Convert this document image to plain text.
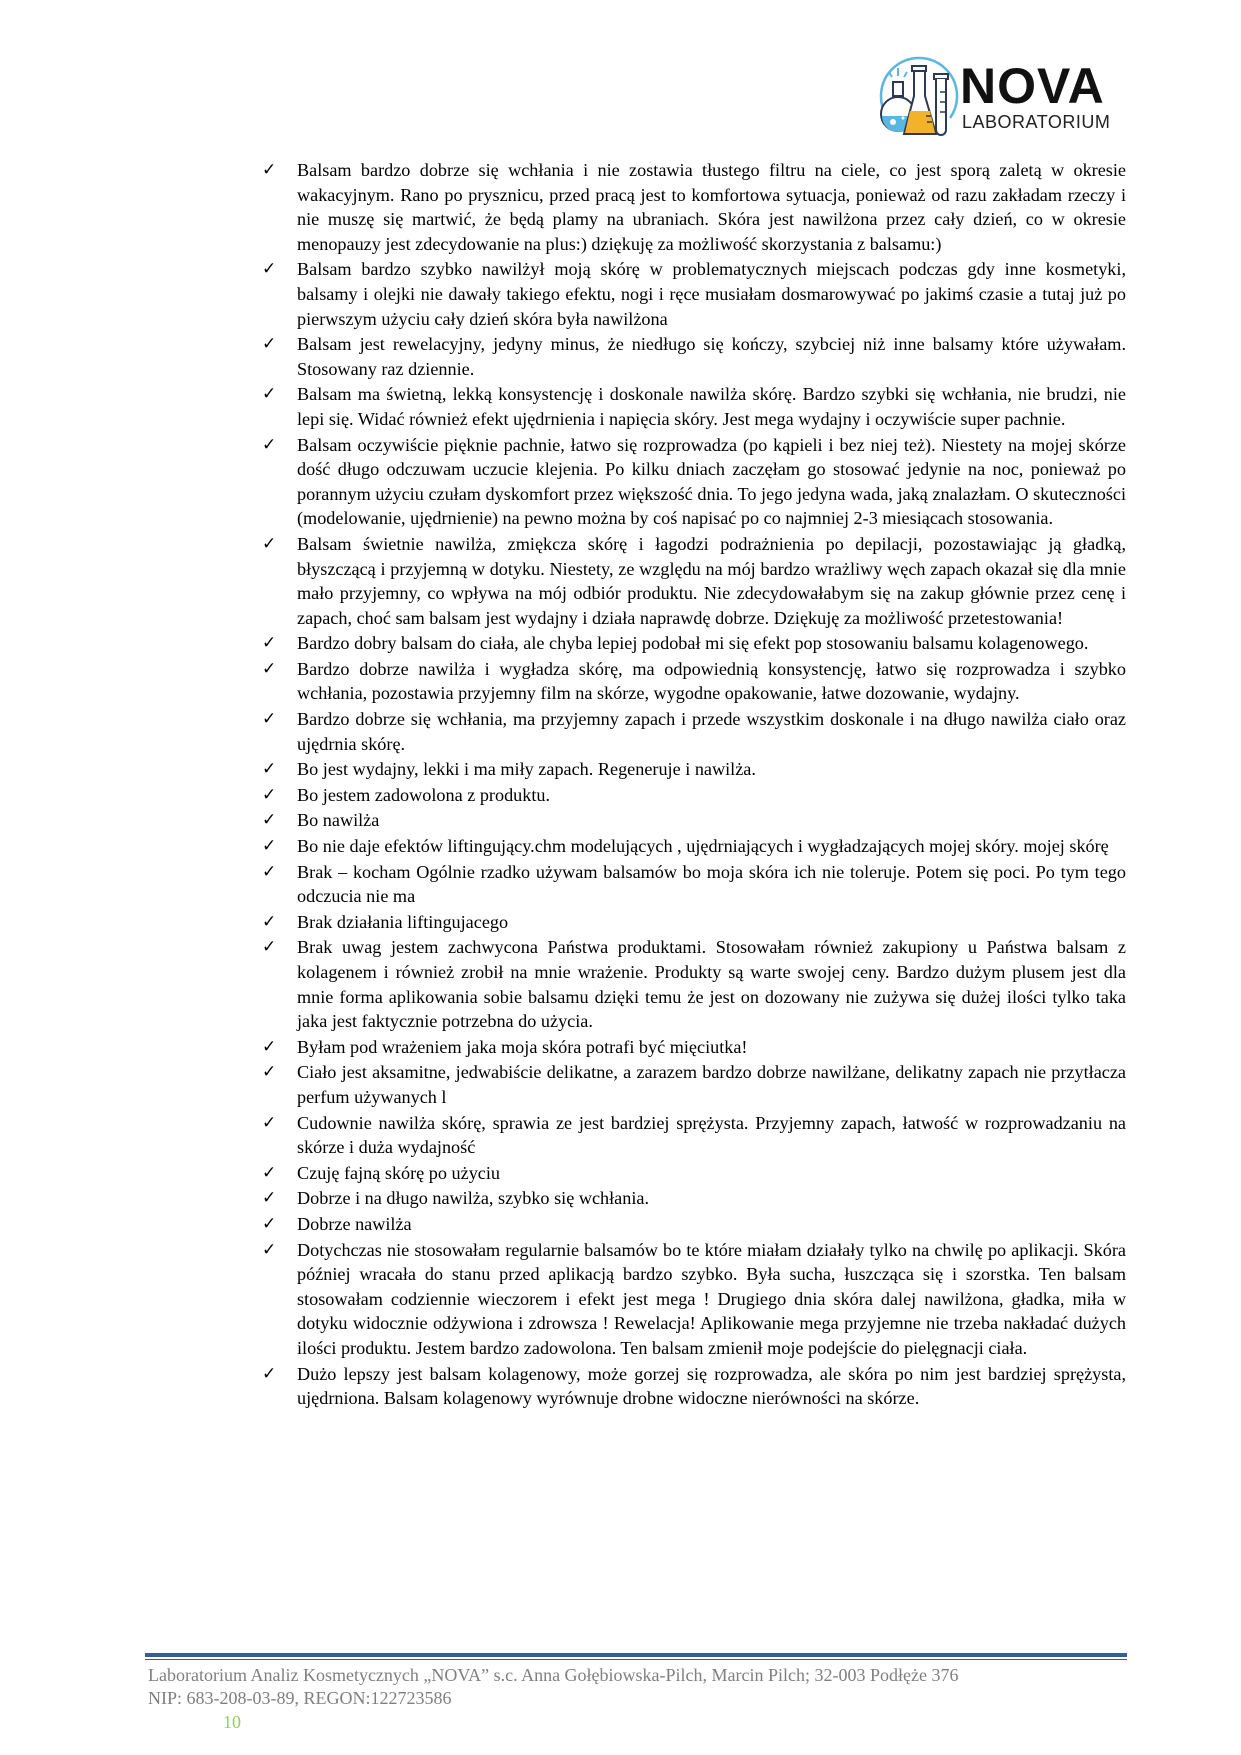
NOVA
LABORATORIUM
✓ Balsam bardzo dobrze się wchłania i nie zostawia tłustego filtru na ciele, co jest sporą zaletą w okresie wakacyjnym. Rano po prysznicu, przed pracą jest to komfortowa sytuacja, ponieważ od razu zakładam rzeczy i nie muszę się martwić, że będą plamy na ubraniach. Skóra jest nawilżona przez cały dzień, co w okresie menopauzy jest zdecydowanie na plus:) dziękuję za możliwość skorzystania z balsamu:)
✓ Balsam bardzo szybko nawilżył moją skórę w problematycznych miejscach podczas gdy inne kosmetyki, balsamy i olejki nie dawały takiego efektu, nogi i ręce musiałam dosmarowywać po jakimś czasie a tutaj już po pierwszym użyciu cały dzień skóra była nawilżona
✓ Balsam jest rewelacyjny, jedyny minus, że niedługo się kończy, szybciej niż inne balsamy które używałam. Stosowany raz dziennie.
✓ Balsam ma świetną, lekką konsystencję i doskonale nawilża skórę. Bardzo szybki się wchłania, nie brudzi, nie lepi się. Widać również efekt ujędrnienia i napięcia skóry. Jest mega wydajny i oczywiście super pachnie.
✓ Balsam oczywiście pięknie pachnie, łatwo się rozprowadza (po kąpieli i bez niej też). Niestety na mojej skórze dość długo odczuwam uczucie klejenia. Po kilku dniach zaczęłam go stosować jedynie na noc, ponieważ po porannym użyciu czułam dyskomfort przez większość dnia. To jego jedyna wada, jaką znalazłam. O skuteczności (modelowanie, ujędrnienie) na pewno można by coś napisać po co najmniej 2-3 miesiącach stosowania.
✓ Balsam świetnie nawilża, zmiękcza skórę i łagodzi podrażnienia po depilacji, pozostawiając ją gładką, błyszczącą i przyjemną w dotyku. Niestety, ze względu na mój bardzo wrażliwy węch zapach okazał się dla mnie mało przyjemny, co wpływa na mój odbiór produktu. Nie zdecydowałabym się na zakup głównie przez cenę i zapach, choć sam balsam jest wydajny i działa naprawdę dobrze. Dziękuję za możliwość przetestowania!
✓ Bardzo dobry balsam do ciała, ale chyba lepiej podobał mi się efekt pop stosowaniu balsamu kolagenowego.
✓ Bardzo dobrze nawilża i wygładza skórę, ma odpowiednią konsystencję, łatwo się rozprowadza i szybko wchłania, pozostawia przyjemny film na skórze, wygodne opakowanie, łatwe dozowanie, wydajny.
✓ Bardzo dobrze się wchłania, ma przyjemny zapach i przede wszystkim doskonale i na długo nawilża ciało oraz ujędrnia skórę.
✓ Bo jest wydajny, lekki i ma miły zapach. Regeneruje i nawilża.
✓ Bo jestem zadowolona z produktu.
✓ Bo nawilża
✓ Bo nie daje efektów liftingujący.chm modelujących , ujędrniających i wygładzających mojej skóry. mojej skórę
✓ Brak – kocham Ogólnie rzadko używam balsamów bo moja skóra ich nie toleruje. Potem się poci. Po tym tego odczucia nie ma
✓ Brak działania liftingujacego
✓ Brak uwag jestem zachwycona Państwa produktami. Stosowałam również zakupiony u Państwa balsam z kolagenem i również zrobił na mnie wrażenie. Produkty są warte swojej ceny. Bardzo dużym plusem jest dla mnie forma aplikowania sobie balsamu dzięki temu że jest on dozowany nie zużywa się dużej ilości tylko taka jaka jest faktycznie potrzebna do użycia.
✓ Byłam pod wrażeniem jaka moja skóra potrafi być mięciutka!
✓ Ciało jest aksamitne, jedwabiście delikatne, a zarazem bardzo dobrze nawilżane, delikatny zapach nie przytłacza perfum używanych l
✓ Cudownie nawilża skórę, sprawia ze jest bardziej sprężysta. Przyjemny zapach, łatwość w rozprowadzaniu na skórze i duża wydajność
✓ Czuję fajną skórę po użyciu
✓ Dobrze i na długo nawilża, szybko się wchłania.
✓ Dobrze nawilża
✓ Dotychczas nie stosowałam regularnie balsamów bo te które miałam działały tylko na chwilę po aplikacji. Skóra później wracała do stanu przed aplikacją bardzo szybko. Była sucha, łuszcząca się i szorstka. Ten balsam stosowałam codziennie wieczorem i efekt jest mega ! Drugiego dnia skóra dalej nawilżona, gładka, miła w dotyku widocznie odżywiona i zdrowsza ! Rewelacja! Aplikowanie mega przyjemne nie trzeba nakładać dużych ilości produktu. Jestem bardzo zadowolona. Ten balsam zmienił moje podejście do pielęgnacji ciała.
✓ Dużo lepszy jest balsam kolagenowy, może gorzej się rozprowadza, ale skóra po nim jest bardziej sprężysta, ujędrniona. Balsam kolagenowy wyrównuje drobne widoczne nierówności na skórze.
Laboratorium Analiz Kosmetycznych „NOVA” s.c. Anna Gołębiowska-Pilch, Marcin Pilch; 32-003 Podłęże 376
NIP: 683-208-03-89, REGON:122723586
10
